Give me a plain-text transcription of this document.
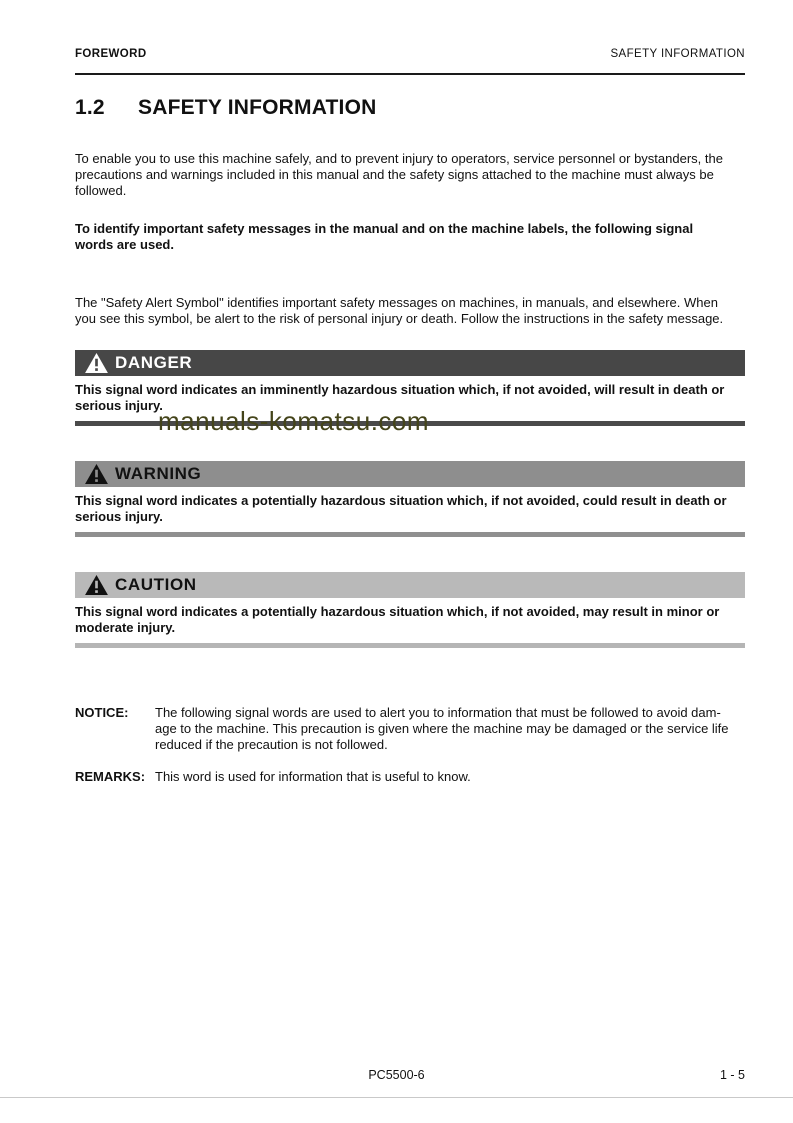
FOREWORD	SAFETY INFORMATION
1.2	SAFETY INFORMATION

To enable you to use this machine safely, and to prevent injury to operators, service personnel or bystanders, the
precautions and warnings included in this manual and the safety signs attached to the machine must always be
followed.

To identify important safety messages in the manual and on the machine labels, the following signal
words are used.

The "Safety Alert Symbol" identifies important safety messages on machines, in manuals, and elsewhere. When
you see this symbol, be alert to the risk of personal injury or death. Follow the instructions in the safety message.

DANGER

This signal word indicates an imminently hazardous situation which, if not avoided, will result in death or
serious injury.

manuals-komatsu.com
WARNING

This signal word indicates a potentially hazardous situation which, if not avoided, could result in death or
serious injury.

CAUTION

This signal word indicates a potentially hazardous situation which, if not avoided, may result in minor or
moderate injury.

NOTICE:	The following signal words are used to alert you to information that must be followed to avoid dam-
age to the machine. This precaution is given where the machine may be damaged or the service life
reduced if the precaution is not followed.
REMARKS: This word is used for information that is useful to know.
PC5500-6	1 - 5
